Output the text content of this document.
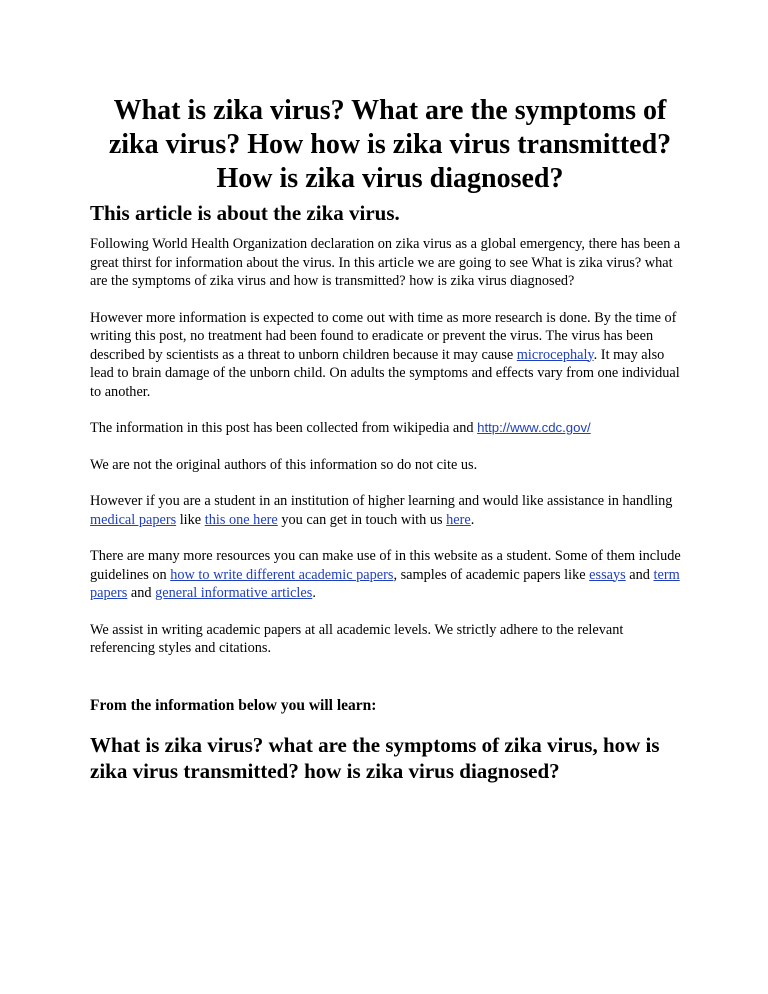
What is zika virus? What are the symptoms of zika virus? How how is zika virus transmitted? How is zika virus diagnosed?
This article is about the zika virus.

Following World Health Organization declaration on zika virus as a global emergency, there has been a great thirst for information about the virus. In this article we are going to see What is zika virus? what are the symptoms of zika virus and how is transmitted? how is zika virus diagnosed?

However more information is expected to come out with time as more research is done. By the time of writing this post, no treatment had been found to eradicate or prevent the virus. The virus has been described by scientists as a threat to unborn children because it may cause microcephaly. It may also lead to brain damage of the unborn child. On adults the symptoms and effects vary from one individual to another.

The information in this post has been collected from wikipedia and http://www.cdc.gov/

We are not the original authors of this information so do not cite us.

However if you are a student in an institution of higher learning and would like assistance in handling medical papers like this one here you can get in touch with us here.

There are many more resources you can make use of in this website as a student. Some of them include guidelines on how to write different academic papers, samples of academic papers like essays and term papers and general informative articles.

We assist in writing academic papers at all academic levels. We strictly adhere to the relevant referencing styles and citations.

From the information below you will learn:

What is zika virus? what are the symptoms of zika virus, how is zika virus transmitted? how is zika virus diagnosed?
